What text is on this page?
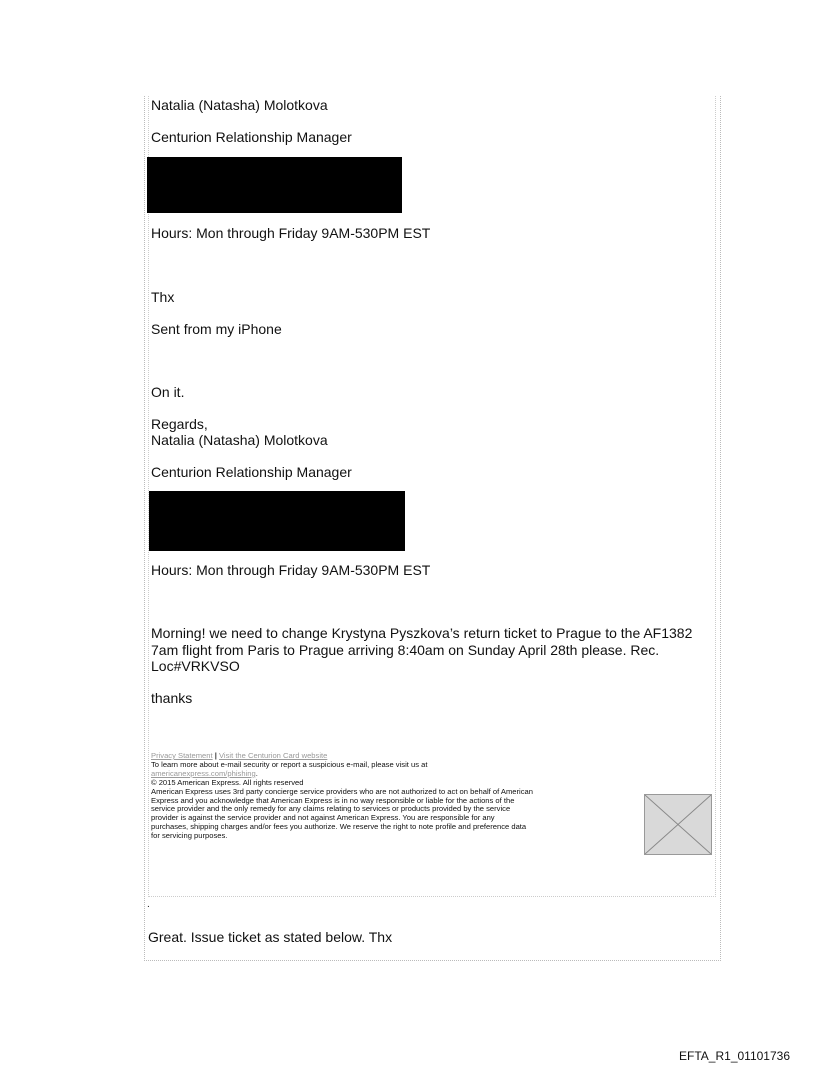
Natalia (Natasha) Molotkova
Centurion Relationship Manager
Hours: Mon through Friday 9AM-530PM EST
Thx
Sent from my iPhone
On it.
Regards,
Natalia (Natasha) Molotkova
Centurion Relationship Manager
Hours: Mon through Friday 9AM-530PM EST
Morning! we need to change Krystyna Pyszkova’s return ticket to Prague to the AF1382
7am flight from Paris to Prague arriving 8:40am on Sunday April 28th please. Rec.
Loc#VRKVSO
thanks
Privacy Statement | Visit the Centurion Card website
To learn more about e-mail security or report a suspicious e-mail, please visit us at
americanexpress.com/phishing.
© 2015 American Express. All rights reserved
American Express uses 3rd party concierge service providers who are not authorized to act on behalf of American
Express and you acknowledge that American Express is in no way responsible or liable for the actions of the
service provider and the only remedy for any claims relating to services or products provided by the service
provider is against the service provider and not against American Express. You are responsible for any
purchases, shipping charges and/or fees you authorize. We reserve the right to note profile and preference data
for servicing purposes.
.
Great. Issue ticket as stated below. Thx
EFTA_R1_01101736
